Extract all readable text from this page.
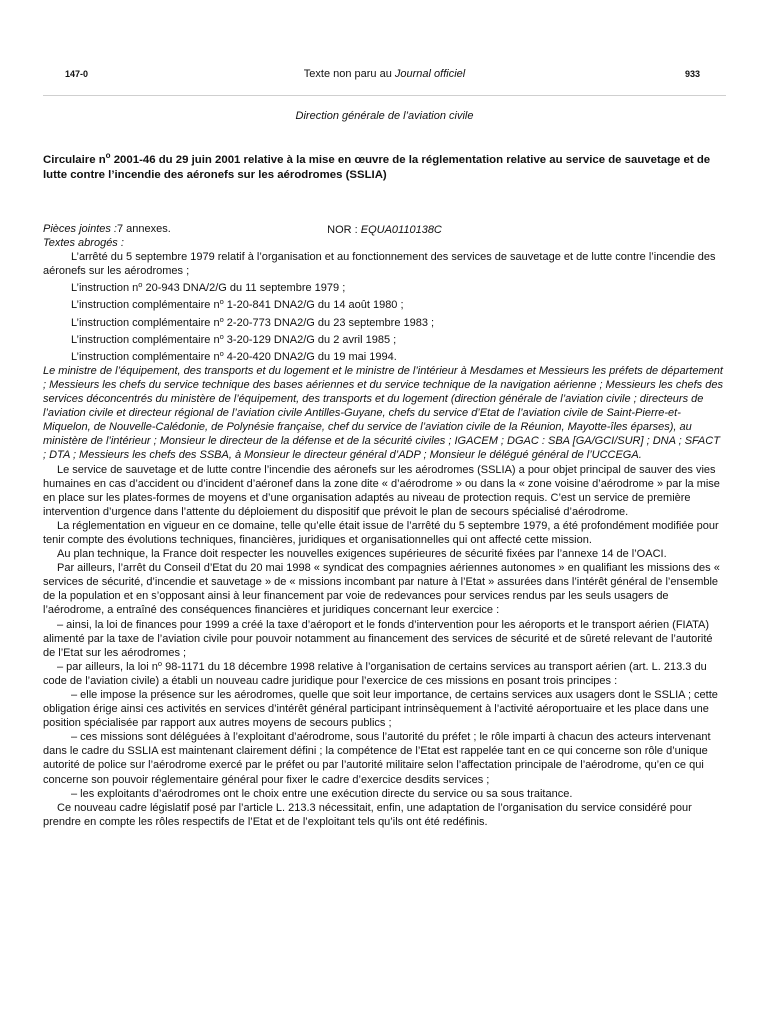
147-0	Texte non paru au Journal officiel	933
Direction générale de l’aviation civile
Circulaire $n^o$ 2001-46 du 29 juin 2001 relative à la mise en œuvre de la réglementation relative au service de sauvetage et de lutte contre l’incendie des aéronefs sur les aérodromes (SSLIA)
NOR : EQUA0110138C

Pièces jointes :7 annexes.

Textes abrogés :

L’arrêté du 5 septembre 1979 relatif à l’organisation et au fonctionnement des services de sauvetage et de lutte contre l’incendie des aéronefs sur les aérodromes ;

L’instruction $n^o$ 20-943 DNA/2/G du 11 septembre 1979 ;

L’instruction complémentaire $n^o$ 1-20-841 DNA2/G du 14 août 1980 ;

L’instruction complémentaire $n^o$ 2-20-773 DNA2/G du 23 septembre 1983 ;

L’instruction complémentaire $n^o$ 3-20-129 DNA2/G du 2 avril 1985 ;

L’instruction complémentaire $n^o$ 4-20-420 DNA2/G du 19 mai 1994.

Le ministre de l’équipement, des transports et du logement et le ministre de l’intérieur à Mesdames et Messieurs les préfets de département ; Messieurs les chefs du service technique des bases aériennes et du service technique de la navigation aérienne ; Messieurs les chefs des services déconcentrés du ministère de l’équipement, des transports et du logement (direction générale de l’aviation civile ; directeurs de l’aviation civile et directeur régional de l’aviation civile Antilles-Guyane, chefs du service d’Etat de l’aviation civile de Saint-Pierre-et-Miquelon, de Nouvelle-Calédonie, de Polynésie française, chef du service de l’aviation civile de la Réunion, Mayotte-îles éparses), au ministère de l’intérieur ; Monsieur le directeur de la défense et de la sécurité civiles ; IGACEM ; DGAC : SBA [GA/GCI/SUR] ; DNA ; SFACT ; DTA ; Messieurs les chefs des SSBA, à Monsieur le directeur général d’ADP ; Monsieur le délégué général de l’UCCEGA.

Le service de sauvetage et de lutte contre l’incendie des aéronefs sur les aérodromes (SSLIA) a pour objet principal de sauver des vies humaines en cas d’accident ou d’incident d’aéronef dans la zone dite « d’aérodrome » ou dans la « zone voisine d’aérodrome » par la mise en place sur les plates-formes de moyens et d’une organisation adaptés au niveau de protection requis. C’est un service de première intervention d’urgence dans l’attente du déploiement du dispositif que prévoit le plan de secours spécialisé d’aérodrome.

La réglementation en vigueur en ce domaine, telle qu’elle était issue de l’arrêté du 5 septembre 1979, a été profondément modifiée pour tenir compte des évolutions techniques, financières, juridiques et organisationnelles qui ont affecté cette mission.

Au plan technique, la France doit respecter les nouvelles exigences supérieures de sécurité fixées par l’annexe 14 de l’OACI.

Par ailleurs, l’arrêt du Conseil d’Etat du 20 mai 1998 « syndicat des compagnies aériennes autonomes » en qualifiant les missions des « services de sécurité, d’incendie et sauvetage » de « missions incombant par nature à l’Etat » assurées dans l’intérêt général de l’ensemble de la population et en s’opposant ainsi à leur financement par voie de redevances pour services rendus par les seuls usagers de l’aérodrome, a entraîné des conséquences financières et juridiques concernant leur exercice :

– ainsi, la loi de finances pour 1999 a créé la taxe d’aéroport et le fonds d’intervention pour les aéroports et le transport aérien (FIATA) alimenté par la taxe de l’aviation civile pour pouvoir notamment au financement des services de sécurité et de sûreté relevant de l’autorité de l’Etat sur les aérodromes ;

– par ailleurs, la loi $n^o$ 98-1171 du 18 décembre 1998 relative à l’organisation de certains services au transport aérien (art. L. 213.3 du code de l’aviation civile) a établi un nouveau cadre juridique pour l’exercice de ces missions en posant trois principes :

– elle impose la présence sur les aérodromes, quelle que soit leur importance, de certains services aux usagers dont le SSLIA ; cette obligation érige ainsi ces activités en services d’intérêt général participant intrinsèquement à l’activité aéroportuaire et les place dans une position spécialisée par rapport aux autres moyens de secours publics ;

– ces missions sont déléguées à l’exploitant d’aérodrome, sous l’autorité du préfet ; le rôle imparti à chacun des acteurs intervenant dans le cadre du SSLIA est maintenant clairement défini ; la compétence de l’Etat est rappelée tant en ce qui concerne son rôle d’unique autorité de police sur l’aérodrome exercé par le préfet ou par l’autorité militaire selon l’affectation principale de l’aérodrome, qu’en ce qui concerne son pouvoir réglementaire général pour fixer le cadre d’exercice desdits services ;

– les exploitants d’aérodromes ont le choix entre une exécution directe du service ou sa sous traitance.

Ce nouveau cadre législatif posé par l’article L. 213.3 nécessitait, enfin, une adaptation de l’organisation du service considéré pour prendre en compte les rôles respectifs de l’Etat et de l’exploitant tels qu’ils ont été redéfinis.
